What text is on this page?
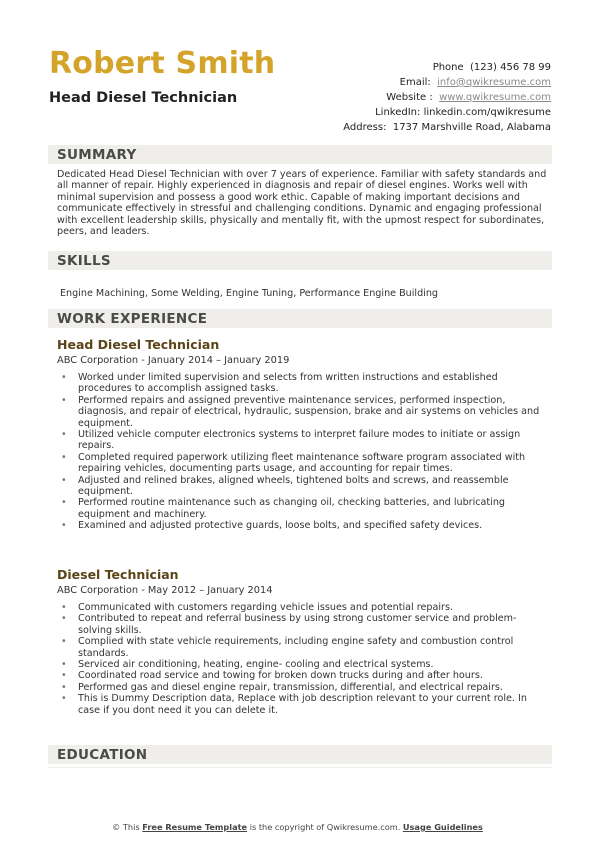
Robert Smith
Head Diesel Technician
Phone (123) 456 78 99
Email: info@qwikresume.com
Website : www.qwikresume.com
LinkedIn: linkedin.com/qwikresume
Address: 1737 Marshville Road, Alabama
SUMMARY
Dedicated Head Diesel Technician with over 7 years of experience. Familiar with safety standards and all manner of repair. Highly experienced in diagnosis and repair of diesel engines. Works well with minimal supervision and possess a good work ethic. Capable of making important decisions and communicate effectively in stressful and challenging conditions. Dynamic and engaging professional with excellent leadership skills, physically and mentally fit, with the upmost respect for subordinates, peers, and leaders.
SKILLS
Engine Machining, Some Welding, Engine Tuning, Performance Engine Building
WORK EXPERIENCE
Head Diesel Technician
ABC Corporation - January 2014 – January 2019
• Worked under limited supervision and selects from written instructions and established procedures to accomplish assigned tasks.
• Performed repairs and assigned preventive maintenance services, performed inspection, diagnosis, and repair of electrical, hydraulic, suspension, brake and air systems on vehicles and equipment.
• Utilized vehicle computer electronics systems to interpret failure modes to initiate or assign repairs.
• Completed required paperwork utilizing fleet maintenance software program associated with repairing vehicles, documenting parts usage, and accounting for repair times.
• Adjusted and relined brakes, aligned wheels, tightened bolts and screws, and reassemble equipment.
• Performed routine maintenance such as changing oil, checking batteries, and lubricating equipment and machinery.
• Examined and adjusted protective guards, loose bolts, and specified safety devices.
Diesel Technician
ABC Corporation - May 2012 – January 2014
• Communicated with customers regarding vehicle issues and potential repairs.
• Contributed to repeat and referral business by using strong customer service and problem-solving skills.
• Complied with state vehicle requirements, including engine safety and combustion control standards.
• Serviced air conditioning, heating, engine- cooling and electrical systems.
• Coordinated road service and towing for broken down trucks during and after hours.
• Performed gas and diesel engine repair, transmission, differential, and electrical repairs.
• This is Dummy Description data, Replace with job description relevant to your current role. In case if you dont need it you can delete it.
EDUCATION
© This Free Resume Template is the copyright of Qwikresume.com. Usage Guidelines
